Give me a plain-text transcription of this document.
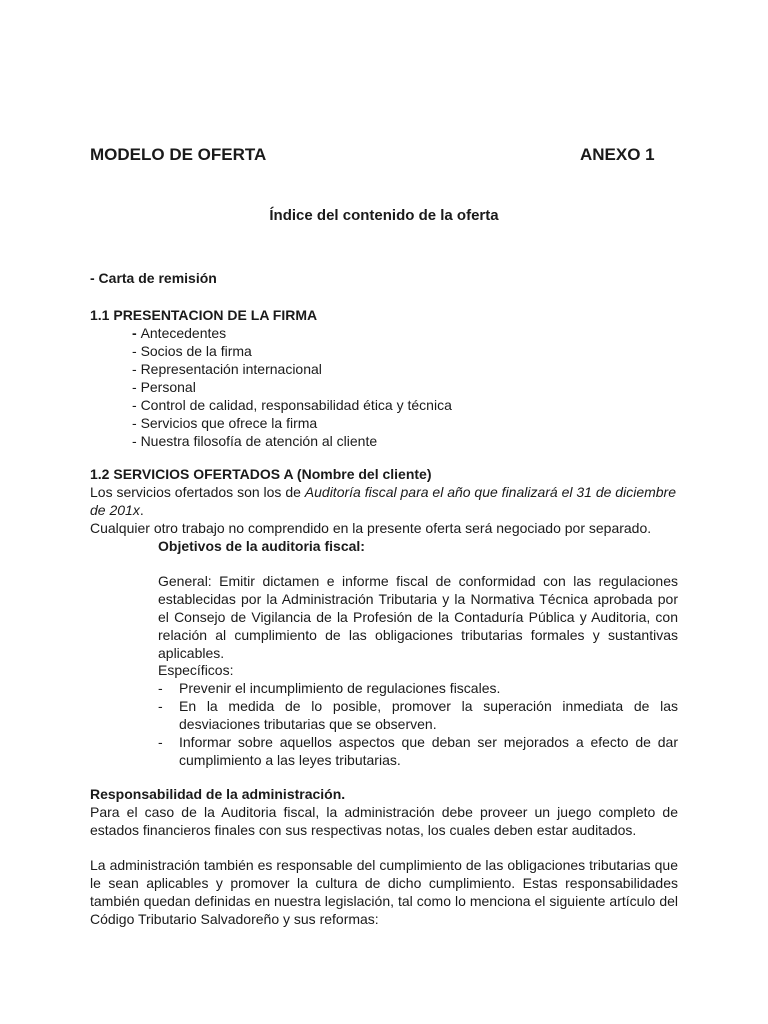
MODELO DE OFERTA	ANEXO 1
Índice del contenido de la oferta
- Carta de remisión
1.1 PRESENTACION DE LA FIRMA
- Antecedentes
- Socios de la firma
- Representación internacional
- Personal
- Control de calidad, responsabilidad ética y técnica
- Servicios que ofrece la firma
- Nuestra filosofía de atención al cliente
1.2 SERVICIOS OFERTADOS A (Nombre del cliente)

Los servicios ofertados son los de Auditoría fiscal para el año que finalizará el 31 de diciembre de 201x.

Cualquier otro trabajo no comprendido en la presente oferta será negociado por separado.

Objetivos de la auditoria fiscal:

General: Emitir dictamen e informe fiscal de conformidad con las regulaciones establecidas por la Administración Tributaria y la Normativa Técnica aprobada por el Consejo de Vigilancia de la Profesión de la Contaduría Pública y Auditoria, con relación al cumplimiento de las obligaciones tributarias formales y sustantivas aplicables.

Específicos:

- Prevenir el incumplimiento de regulaciones fiscales.
- En la medida de lo posible, promover la superación inmediata de las desviaciones tributarias que se observen.
- Informar sobre aquellos aspectos que deban ser mejorados a efecto de dar cumplimiento a las leyes tributarias.
Responsabilidad de la administración.

Para el caso de la Auditoria fiscal, la administración debe proveer un juego completo de estados financieros finales con sus respectivas notas, los cuales deben estar auditados.

La administración también es responsable del cumplimiento de las obligaciones tributarias que le sean aplicables y promover la cultura de dicho cumplimiento. Estas responsabilidades también quedan definidas en nuestra legislación, tal como lo menciona el siguiente artículo del Código Tributario Salvadoreño y sus reformas:
